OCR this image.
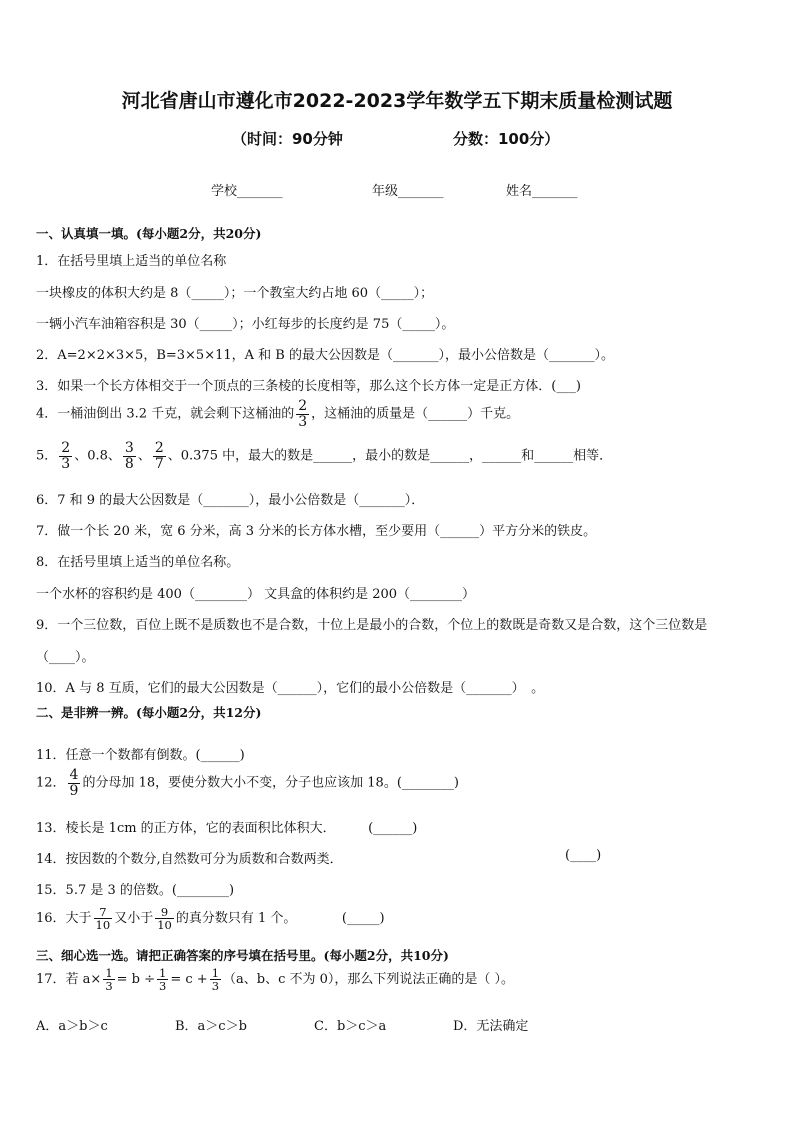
河北省唐山市遵化市2022-2023学年数学五下期末质量检测试题
（时间：90分钟	分数：100分）
学校_______	年级_______	姓名_______
一、认真填一填。(每小题2分，共20分)
1．在括号里填上适当的单位名称
一块橡皮的体积大约是 8（_____）；一个教室大约占地 60（_____）；
一辆小汽车油箱容积是 30（_____）；小红每步的长度约是 75（_____）。
2．A=2×2×3×5，B=3×5×11，A 和 B 的最大公因数是（_______），最小公倍数是（_______）。
3．如果一个长方体相交于一个顶点的三条棱的长度相等，那么这个长方体一定是正方体．(___)
4．一桶油倒出 3.2 千克，就会剩下这桶油的 $\frac{2}{3}$ ，这桶油的质量是（______）千克。
5． $\frac{2}{3}$ 、0.8、 $\frac{3}{8}$ 、 $\frac{2}{7}$ 、0.375 中，最大的数是______，最小的数是______，______和______相等．
6．7 和 9 的最大公因数是（_______），最小公倍数是（_______）．
7．做一个长 20 米，宽 6 分米，高 3 分米的长方体水槽，至少要用（______）平方分米的铁皮。
8．在括号里填上适当的单位名称。
一个水杯的容积约是 400（________） 文具盒的体积约是 200（________）
9．一个三位数，百位上既不是质数也不是合数，十位上是最小的合数，个位上的数既是奇数又是合数，这个三位数是
（____）。
10．A 与 8 互质，它们的最大公因数是（______），它们的最小公倍数是（_______）　。
二、是非辨一辨。(每小题2分，共12分)
11．任意一个数都有倒数。(______)
12． $\frac{4}{9}$ 的分母加 18，要使分数大小不变，分子也应该加 18。(________)
13．棱长是 1cm 的正方体，它的表面积比体积大．　　　(______)
14．按因数的个数分,自然数可分为质数和合数两类．	(____)
15．5.7 是 3 的倍数。(________)
16．大于 $\frac{7}{10}$ 又小于 $\frac{9}{10}$ 的真分数只有 1 个。　　　　(_____)
三、细心选一选。请把正确答案的序号填在括号里。(每小题2分，共10分)
17．若 $a\times \frac{1}{3} = b \div \frac{1}{3} = c + \frac{1}{3} (a$、b、c 不为 0），那么下列说法正确的是（ ）。
A．a＞b＞c	B．a＞c＞b	C．b＞c＞a	D．无法确定
